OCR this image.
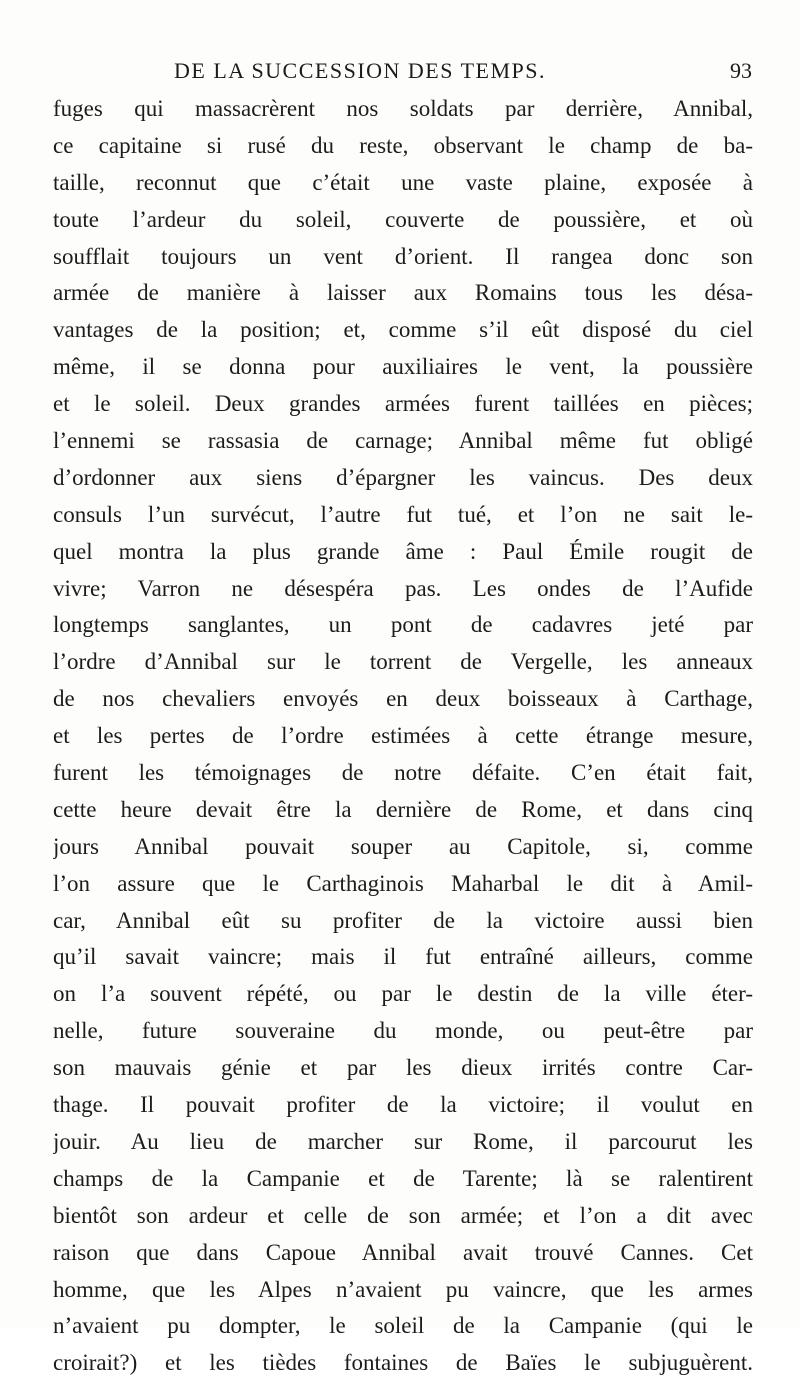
DE LA SUCCESSION DES TEMPS.	93
fuges qui massacrèrent nos soldats par derrière, Annibal,
ce capitaine si rusé du reste, observant le champ de ba-
taille, reconnut que c’était une vaste plaine, exposée à
toute l’ardeur du soleil, couverte de poussière, et où
soufflait toujours un vent d’orient. Il rangea donc son
armée de manière à laisser aux Romains tous les désa-
vantages de la position; et, comme s’il eût disposé du ciel
même, il se donna pour auxiliaires le vent, la poussière
et le soleil. Deux grandes armées furent taillées en pièces;
l’ennemi se rassasia de carnage; Annibal même fut obligé
d’ordonner aux siens d’épargner les vaincus. Des deux
consuls l’un survécut, l’autre fut tué, et l’on ne sait le-
quel montra la plus grande âme : Paul Émile rougit de
vivre; Varron ne désespéra pas. Les ondes de l’Aufide
longtemps sanglantes, un pont de cadavres jeté par
l’ordre d’Annibal sur le torrent de Vergelle, les anneaux
de nos chevaliers envoyés en deux boisseaux à Carthage,
et les pertes de l’ordre estimées à cette étrange mesure,
furent les témoignages de notre défaite. C’en était fait,
cette heure devait être la dernière de Rome, et dans cinq
jours Annibal pouvait souper au Capitole, si, comme
l’on assure que le Carthaginois Maharbal le dit à Amil-
car, Annibal eût su profiter de la victoire aussi bien
qu’il savait vaincre; mais il fut entraîné ailleurs, comme
on l’a souvent répété, ou par le destin de la ville éter-
nelle, future souveraine du monde, ou peut-être par
son mauvais génie et par les dieux irrités contre Car-
thage. Il pouvait profiter de la victoire; il voulut en
jouir. Au lieu de marcher sur Rome, il parcourut les
champs de la Campanie et de Tarente; là se ralentirent
bientôt son ardeur et celle de son armée; et l’on a dit avec
raison que dans Capoue Annibal avait trouvé Cannes. Cet
homme, que les Alpes n’avaient pu vaincre, que les armes
n’avaient pu dompter, le soleil de la Campanie (qui le
croirait?) et les tièdes fontaines de Baïes le subjuguèrent.
